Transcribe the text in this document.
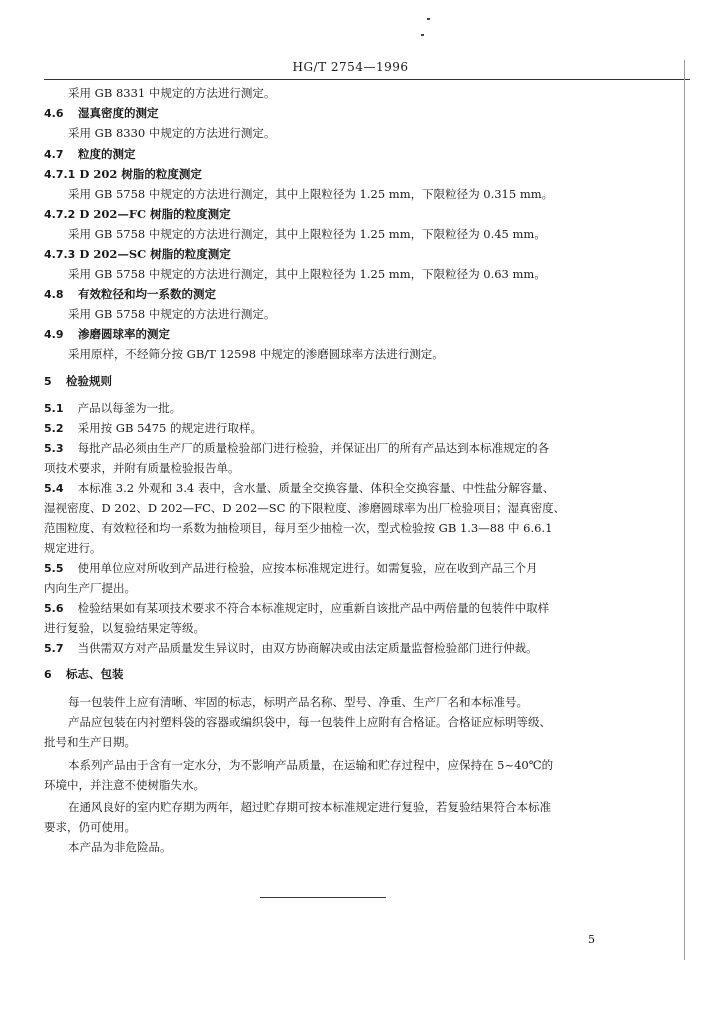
HG/T 2754—1996
采用 GB 8331 中规定的方法进行测定。
4.6 湿真密度的测定
采用 GB 8330 中规定的方法进行测定。
4.7 粒度的测定
4.7.1 D 202 树脂的粒度测定
采用 GB 5758 中规定的方法进行测定，其中上限粒径为 1.25 mm，下限粒径为 0.315 mm。
4.7.2 D 202—FC 树脂的粒度测定
采用 GB 5758 中规定的方法进行测定，其中上限粒径为 1.25 mm，下限粒径为 0.45 mm。
4.7.3 D 202—SC 树脂的粒度测定
采用 GB 5758 中规定的方法进行测定，其中上限粒径为 1.25 mm，下限粒径为 0.63 mm。
4.8 有效粒径和均一系数的测定
采用 GB 5758 中规定的方法进行测定。
4.9 渗磨圆球率的测定
采用原样，不经筛分按 GB/T 12598 中规定的渗磨圆球率方法进行测定。
5 检验规则
5.1 产品以每釜为一批。
5.2 采用按 GB 5475 的规定进行取样。
5.3 每批产品必须由生产厂的质量检验部门进行检验，并保证出厂的所有产品达到本标准规定的各
项技术要求，并附有质量检验报告单。
5.4 本标准 3.2 外观和 3.4 表中，含水量、质量全交换容量、体积全交换容量、中性盐分解容量、
湿视密度、D 202、D 202—FC、D 202—SC 的下限粒度、渗磨圆球率为出厂检验项目；湿真密度、
范围粒度、有效粒径和均一系数为抽检项目，每月至少抽检一次，型式检验按 GB 1.3—88 中 6.6.1
规定进行。
5.5 使用单位应对所收到产品进行检验，应按本标准规定进行。如需复验，应在收到产品三个月
内向生产厂提出。
5.6 检验结果如有某项技术要求不符合本标准规定时，应重新自该批产品中两倍量的包装件中取样
进行复验，以复验结果定等级。
5.7 当供需双方对产品质量发生异议时，由双方协商解决或由法定质量监督检验部门进行仲裁。
6 标志、包装
每一包装件上应有清晰、牢固的标志，标明产品名称、型号、净重、生产厂名和本标准号。
产品应包装在内衬塑料袋的容器或编织袋中，每一包装件上应附有合格证。合格证应标明等级、
批号和生产日期。
本系列产品由于含有一定水分，为不影响产品质量，在运输和贮存过程中，应保持在 5~40℃的
环境中，并注意不使树脂失水。
在通风良好的室内贮存期为两年，超过贮存期可按本标准规定进行复验，若复验结果符合本标准
要求，仍可使用。
本产品为非危险品。
5
